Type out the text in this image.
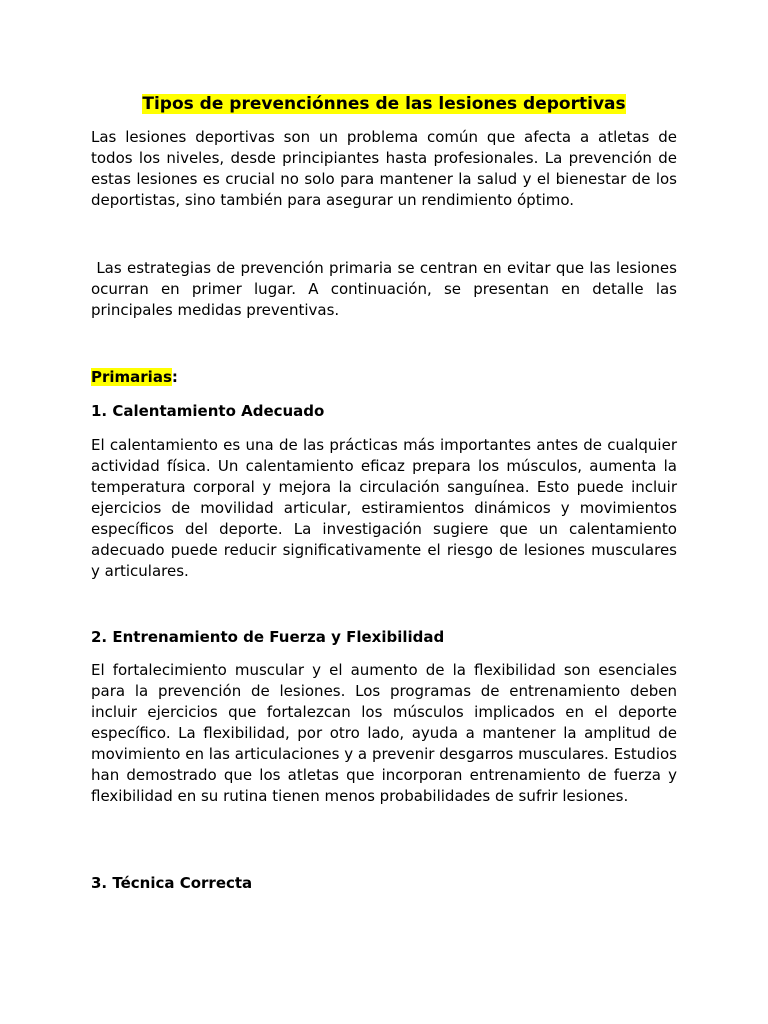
Tipos de prevenciónnes de las lesiones deportivas

Las lesiones deportivas son un problema común que afecta a atletas de todos los niveles, desde principiantes hasta profesionales. La prevención de estas lesiones es crucial no solo para mantener la salud y el bienestar de los deportistas, sino también para asegurar un rendimiento óptimo.

Las estrategias de prevención primaria se centran en evitar que las lesiones ocurran en primer lugar. A continuación, se presentan en detalle las principales medidas preventivas.

Primarias:

1. Calentamiento Adecuado

El calentamiento es una de las prácticas más importantes antes de cualquier actividad física. Un calentamiento eficaz prepara los músculos, aumenta la temperatura corporal y mejora la circulación sanguínea. Esto puede incluir ejercicios de movilidad articular, estiramientos dinámicos y movimientos específicos del deporte. La investigación sugiere que un calentamiento adecuado puede reducir significativamente el riesgo de lesiones musculares y articulares.

2. Entrenamiento de Fuerza y Flexibilidad

El fortalecimiento muscular y el aumento de la flexibilidad son esenciales para la prevención de lesiones. Los programas de entrenamiento deben incluir ejercicios que fortalezcan los músculos implicados en el deporte específico. La flexibilidad, por otro lado, ayuda a mantener la amplitud de movimiento en las articulaciones y a prevenir desgarros musculares. Estudios han demostrado que los atletas que incorporan entrenamiento de fuerza y flexibilidad en su rutina tienen menos probabilidades de sufrir lesiones.

3. Técnica Correcta
